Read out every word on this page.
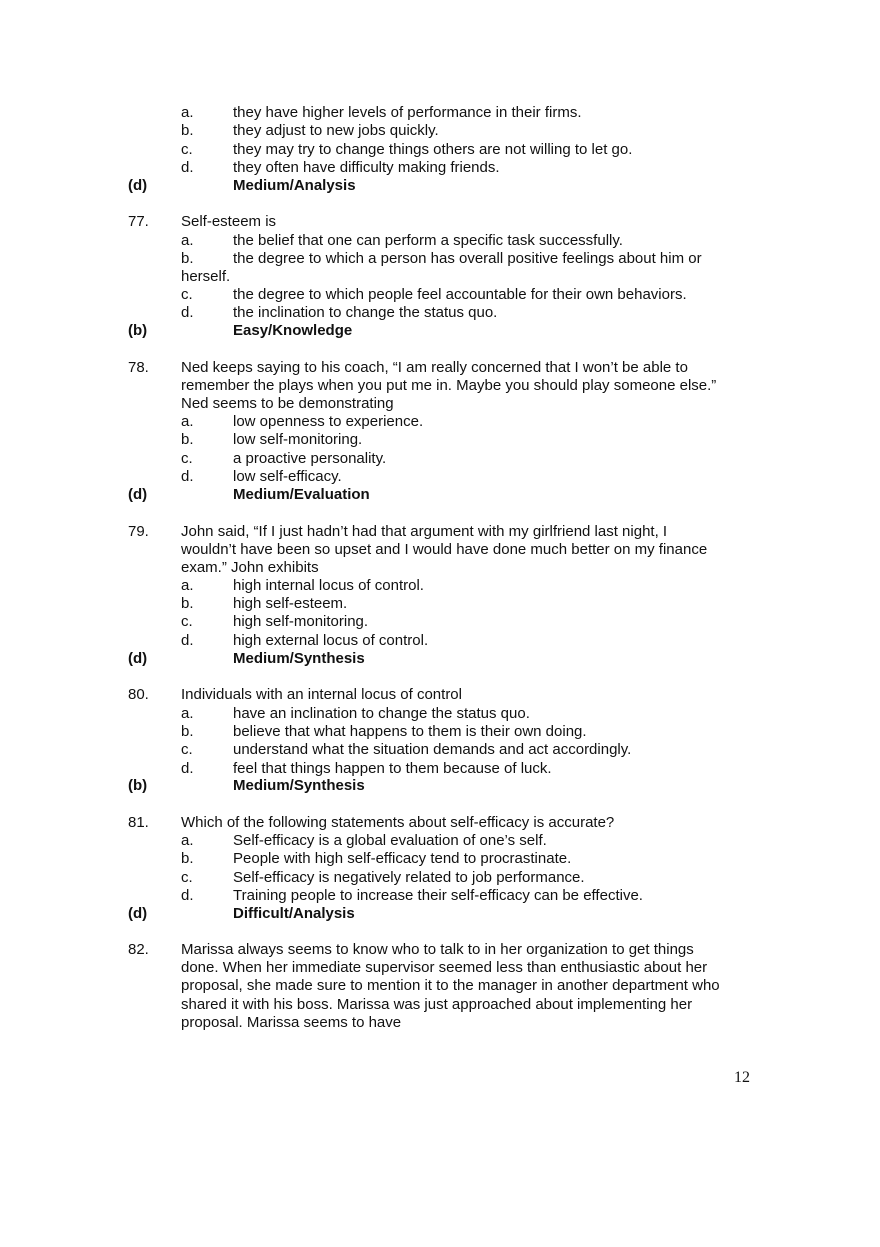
a.	they have higher levels of performance in their firms.
b.	they adjust to new jobs quickly.
c.	they may try to change things others are not willing to let go.
d.	they often have difficulty making friends.
(d)	Medium/Analysis
77. Self-esteem is
a.	the belief that one can perform a specific task successfully.
b.	the degree to which a person has overall positive feelings about him or
herself.
c.	the degree to which people feel accountable for their own behaviors.
d.	the inclination to change the status quo.
(b)	Easy/Knowledge
78. Ned keeps saying to his coach, “I am really concerned that I won’t be able to
remember the plays when you put me in. Maybe you should play someone else.”
Ned seems to be demonstrating
a.	low openness to experience.
b.	low self-monitoring.
c.	a proactive personality.
d.	low self-efficacy.
(d)	Medium/Evaluation
79. John said, “If I just hadn’t had that argument with my girlfriend last night, I
wouldn’t have been so upset and I would have done much better on my finance
exam.” John exhibits
a.	high internal locus of control.
b.	high self-esteem.
c.	high self-monitoring.
d.	high external locus of control.
(d)	Medium/Synthesis
80. Individuals with an internal locus of control
a.	have an inclination to change the status quo.
b.	believe that what happens to them is their own doing.
c.	understand what the situation demands and act accordingly.
d.	feel that things happen to them because of luck.
(b)	Medium/Synthesis
81. Which of the following statements about self-efficacy is accurate?
a.	Self-efficacy is a global evaluation of one’s self.
b.	People with high self-efficacy tend to procrastinate.
c.	Self-efficacy is negatively related to job performance.
d.	Training people to increase their self-efficacy can be effective.
(d)	Difficult/Analysis
82. Marissa always seems to know who to talk to in her organization to get things
done. When her immediate supervisor seemed less than enthusiastic about her
proposal, she made sure to mention it to the manager in another department who
shared it with his boss. Marissa was just approached about implementing her
proposal. Marissa seems to have
12
